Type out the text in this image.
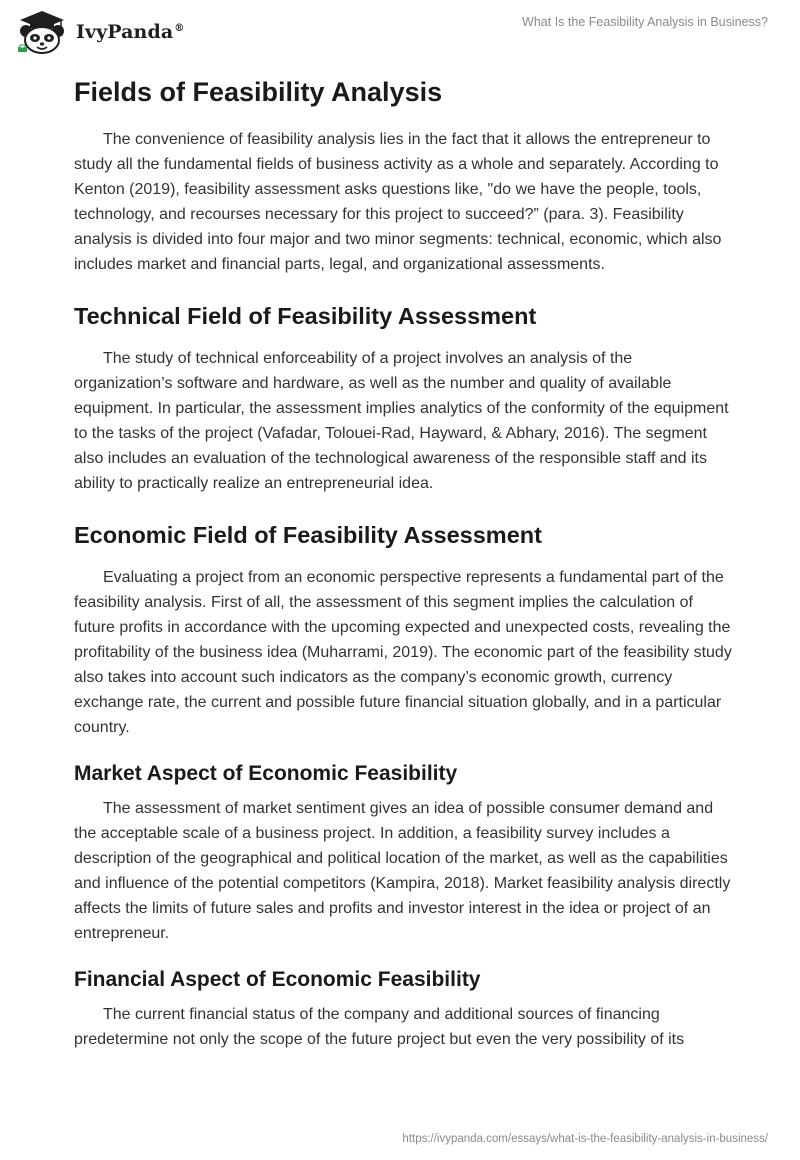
IvyPanda®	What Is the Feasibility Analysis in Business?
Fields of Feasibility Analysis

The convenience of feasibility analysis lies in the fact that it allows the entrepreneur to study all the fundamental fields of business activity as a whole and separately. According to Kenton (2019), feasibility assessment asks questions like, "do we have the people, tools, technology, and recourses necessary for this project to succeed?” (para. 3). Feasibility analysis is divided into four major and two minor segments: technical, economic, which also includes market and financial parts, legal, and organizational assessments.

Technical Field of Feasibility Assessment

The study of technical enforceability of a project involves an analysis of the organization’s software and hardware, as well as the number and quality of available equipment. In particular, the assessment implies analytics of the conformity of the equipment to the tasks of the project (Vafadar, Tolouei-Rad, Hayward, & Abhary, 2016). The segment also includes an evaluation of the technological awareness of the responsible staff and its ability to practically realize an entrepreneurial idea.

Economic Field of Feasibility Assessment

Evaluating a project from an economic perspective represents a fundamental part of the feasibility analysis. First of all, the assessment of this segment implies the calculation of future profits in accordance with the upcoming expected and unexpected costs, revealing the profitability of the business idea (Muharrami, 2019). The economic part of the feasibility study also takes into account such indicators as the company’s economic growth, currency exchange rate, the current and possible future financial situation globally, and in a particular country.

Market Aspect of Economic Feasibility

The assessment of market sentiment gives an idea of possible consumer demand and the acceptable scale of a business project. In addition, a feasibility survey includes a description of the geographical and political location of the market, as well as the capabilities and influence of the potential competitors (Kampira, 2018). Market feasibility analysis directly affects the limits of future sales and profits and investor interest in the idea or project of an entrepreneur.

Financial Aspect of Economic Feasibility

The current financial status of the company and additional sources of financing predetermine not only the scope of the future project but even the very possibility of its

https://ivypanda.com/essays/what-is-the-feasibility-analysis-in-business/
